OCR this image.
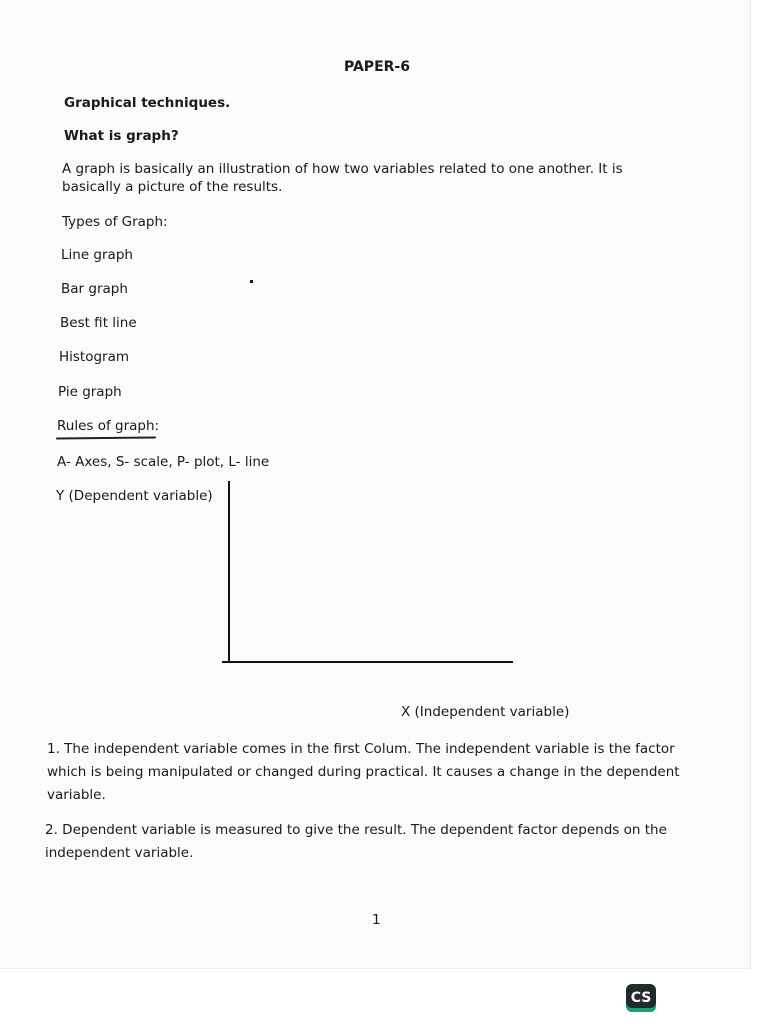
PAPER-6
Graphical techniques.
What is graph?
A graph is basically an illustration of how two variables related to one another. It is basically a picture of the results.
Types of Graph:
Line graph
Bar graph
Best fit line
Histogram
Pie graph
Rules of graph:
A- Axes, S- scale, P- plot, L- line
Y (Dependent variable)
X (Independent variable)
1. The independent variable comes in the first Colum. The independent variable is the factor which is being manipulated or changed during practical. It causes a change in the dependent variable.
2. Dependent variable is measured to give the result. The dependent factor depends on the independent variable.
1
CS
